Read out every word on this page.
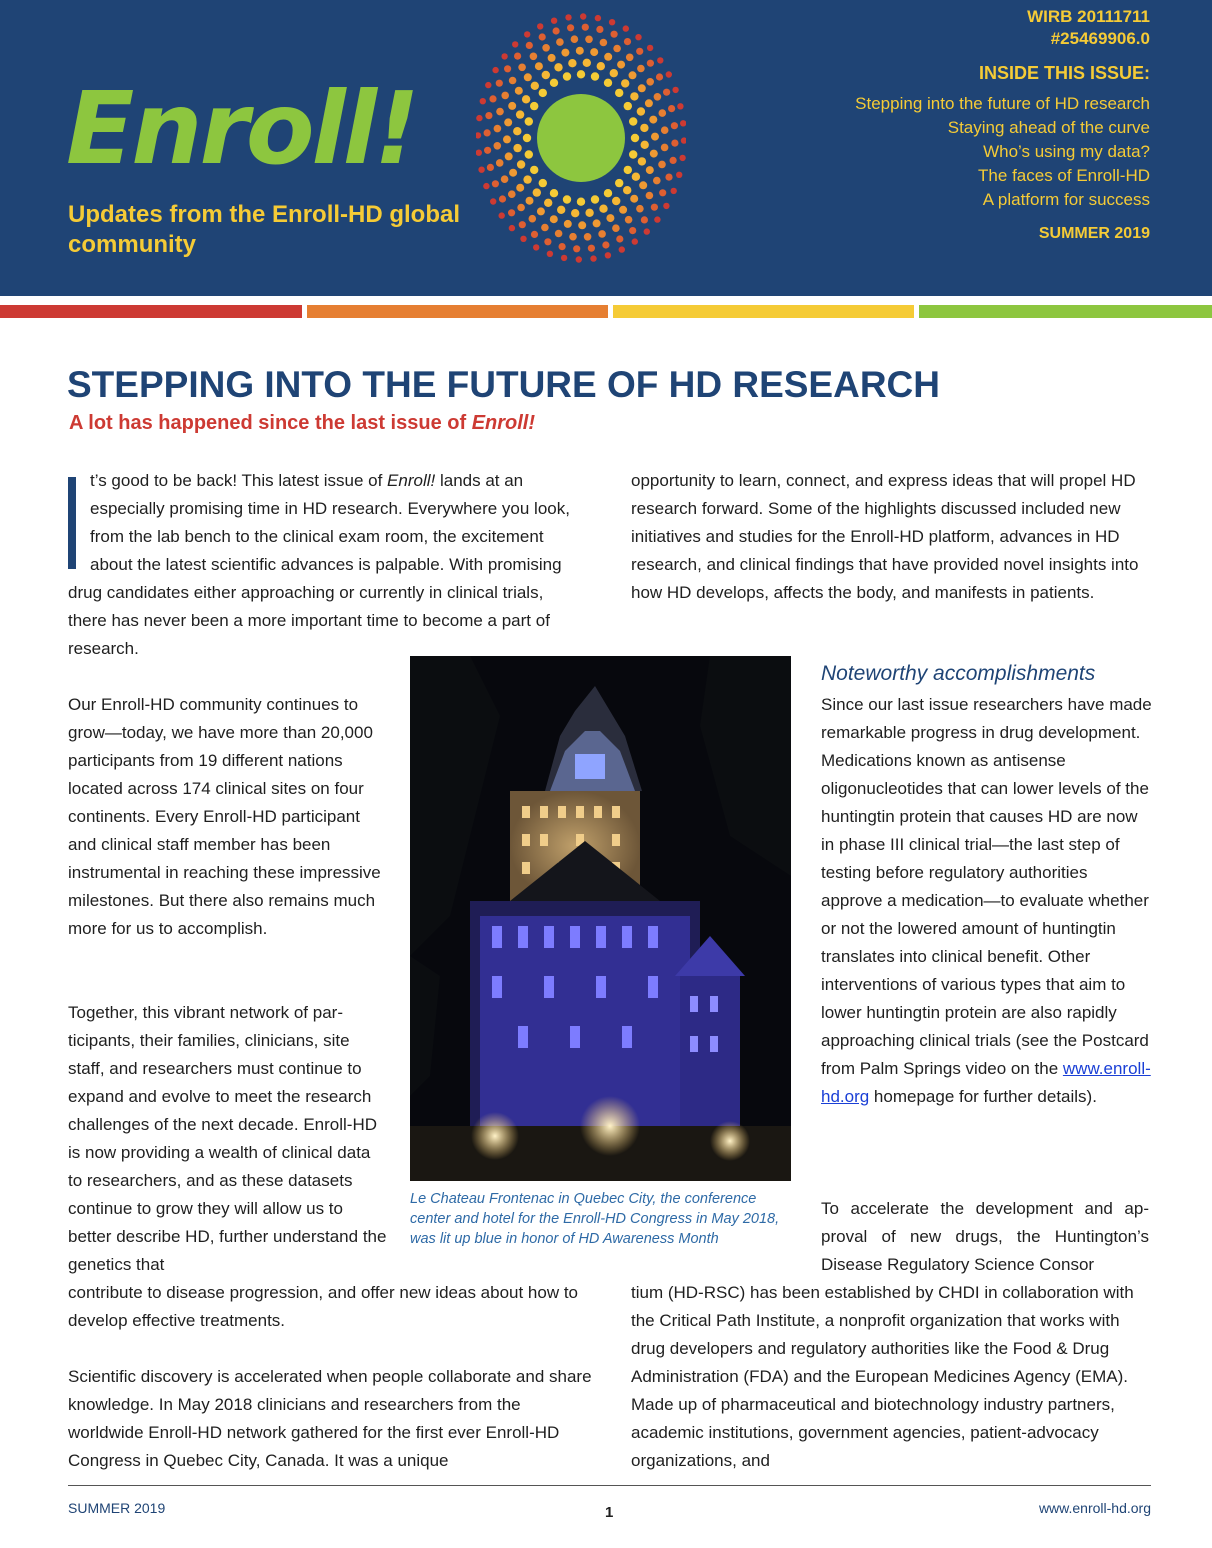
Enroll!
Updates from the Enroll-HD global community
WIRB 20111711
#25469906.0
INSIDE THIS ISSUE:
Stepping into the future of HD research
Staying ahead of the curve
Who’s using my data?
The faces of Enroll-HD
A platform for success
SUMMER 2019
STEPPING INTO THE FUTURE OF HD RESEARCH
A lot has happened since the last issue of Enroll!

t’s good to be back! This latest issue of Enroll! lands at an especially promising time in HD research. Everywhere you look, from the lab bench to the clinical exam room, the excitement about the latest scientific advances is palpable. With promising drug candidates either approaching or currently in clinical trials, there has never been a more important time to become a part of research.

Our Enroll-HD community continues to grow—today, we have more than 20,000 participants from 19 different nations located across 174 clinical sites on four continents. Every Enroll-HD participant and clinical staff member has been instrumental in reaching these impressive milestones. But there also remains much more for us to accomplish.

Together, this vibrant network of participants, their families, clinicians, site staff, and researchers must continue to expand and evolve to meet the research challenges of the next decade. Enroll-HD is now providing a wealth of clinical data to researchers, and as these datasets continue to grow they will allow us to better describe HD, further understand the genetics that

contribute to disease progression, and offer new ideas about how to develop effective treatments.

Scientific discovery is accelerated when people collaborate and share knowledge. In May 2018 clinicians and researchers from the worldwide Enroll-HD network gathered for the first ever Enroll-HD Congress in Quebec City, Canada. It was a unique

opportunity to learn, connect, and express ideas that will propel HD research forward. Some of the highlights discussed included new initiatives and studies for the Enroll-HD platform, advances in HD research, and clinical findings that have provided novel insights into how HD develops, affects the body, and manifests in patients.

Le Chateau Frontenac in Quebec City, the conference center and hotel for the Enroll-HD Congress in May 2018, was lit up blue in honor of HD Awareness Month

Noteworthy accomplishments

Since our last issue researchers have made remarkable progress in drug development. Medications known as antisense oligonucleotides that can lower levels of the huntingtin protein that causes HD are now in phase III clinical trial—the last step of testing before regulatory authorities approve a medication—to evaluate whether or not the lowered amount of huntingtin translates into clinical benefit. Other interventions of various types that aim to lower huntingtin protein are also rapidly approaching clinical trials (see the Postcard from Palm Springs video on the www.enroll-hd.org homepage for further details).

To accelerate the development and approval of new drugs, the Huntington’s Disease Regulatory Science Consor

tium (HD-RSC) has been established by CHDI in collaboration with the Critical Path Institute, a nonprofit organization that works with drug developers and regulatory authorities like the Food & Drug Administration (FDA) and the European Medicines Agency (EMA). Made up of pharmaceutical and biotechnology industry partners, academic institutions, government agencies, patient-advocacy organizations, and

SUMMER 2019	1	www.enroll-hd.org
